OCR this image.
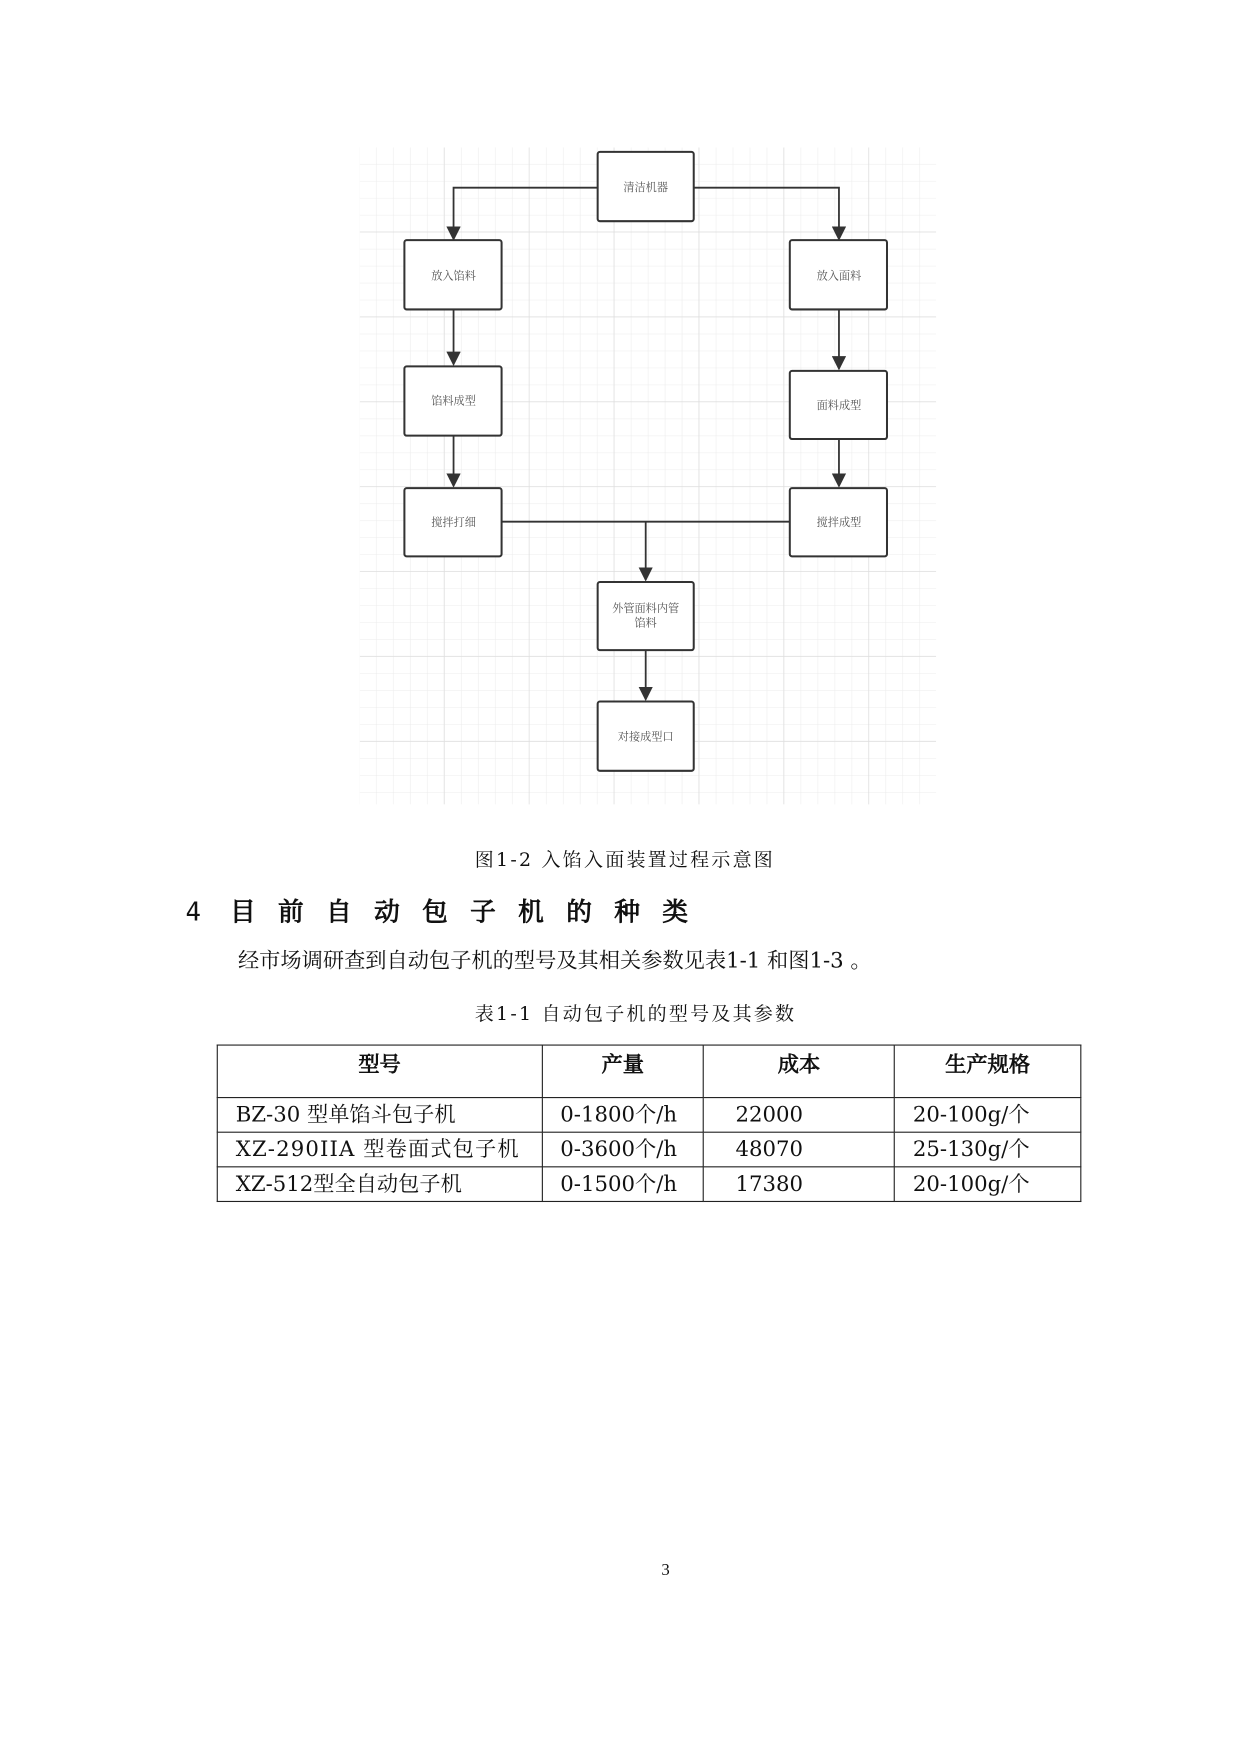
清洁机器
放入馅料	放入面料
馅料成型	面料成型
搅拌打细	搅拌成型
外管面料内管
馅料
对接成型口
图1-2 入馅入面装置过程示意图
4 目 前 自 动 包 子 机 的 种 类
经市场调研查到自动包子机的型号及其相关参数见表1-1 和图1-3 。
表1-1 自动包子机的型号及其参数
型号	产量	成本	生产规格
BZ-30 型单馅斗包子机	0-1800个/h	22000	20-100g/个
XZ-290IIA 型卷面式包子机	0-3600个/h	48070	25-130g/个
XZ-512型全自动包子机	0-1500个/h	17380	20-100g/个
3
